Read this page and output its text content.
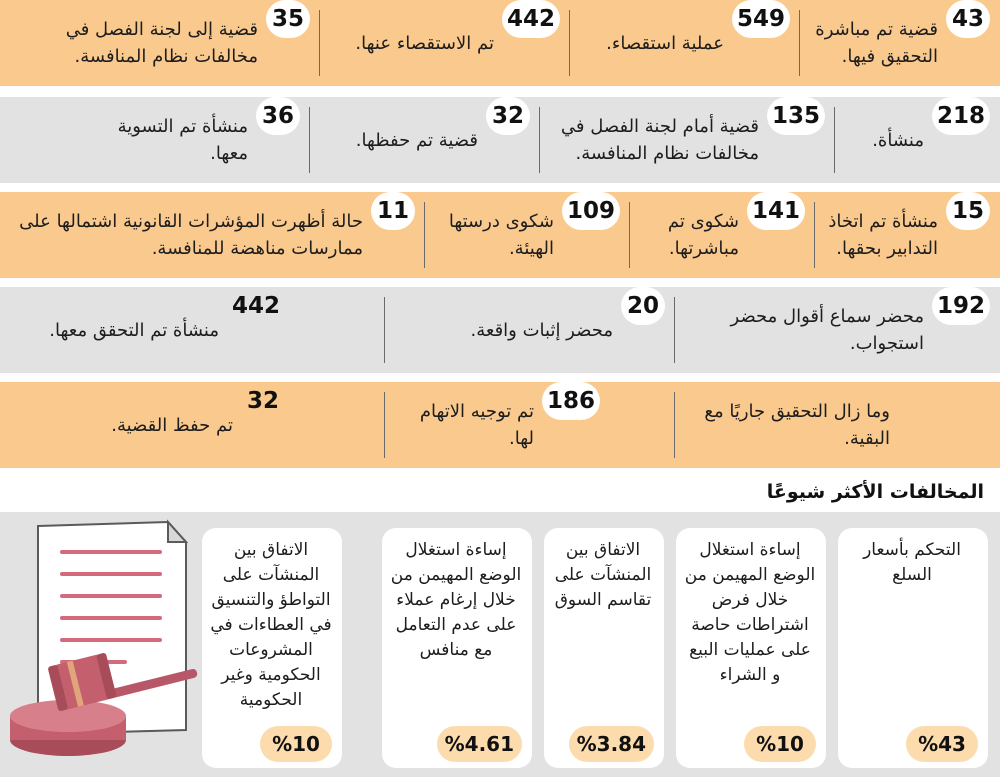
43
قضية تم مباشرة التحقيق فيها.
549
عملية استقصاء.
442
تم الاستقصاء عنها.
35
قضية إلى لجنة الفصل في مخالفات نظام المنافسة.
218
منشأة.
135
قضية أمام لجنة الفصل في مخالفات نظام المنافسة.
32
قضية تم حفظها.
36
منشأة تم التسوية معها.
15
منشأة تم اتخاذ التدابير بحقها.
141
شكوى تم مباشرتها.
109
شكوى درستها الهيئة.
11
حالة أظهرت المؤشرات القانونية اشتمالها على ممارسات مناهضة للمنافسة.
192
محضر سماع أقوال محضر استجواب.
20
محضر إثبات واقعة.
442
منشأة تم التحقق معها.
وما زال التحقيق جاريًا مع البقية.
186
تم توجيه الاتهام لها.
32
تم حفظ القضية.
المخالفات الأكثر شيوعًا
التحكم بأسعار السلع
%43
إساءة استغلال الوضع المهيمن من خلال فرض اشتراطات حاصة على عمليات البيع و الشراء
%10
الاتفاق بين المنشآت على تقاسم السوق
%3.84
إساءة استغلال الوضع المهيمن من خلال إرغام عملاء على عدم التعامل مع منافس
%4.61
الاتفاق بين المنشآت على التواطؤ والتنسيق في العطاءات في المشروعات الحكومية وغير الحكومية
%10
